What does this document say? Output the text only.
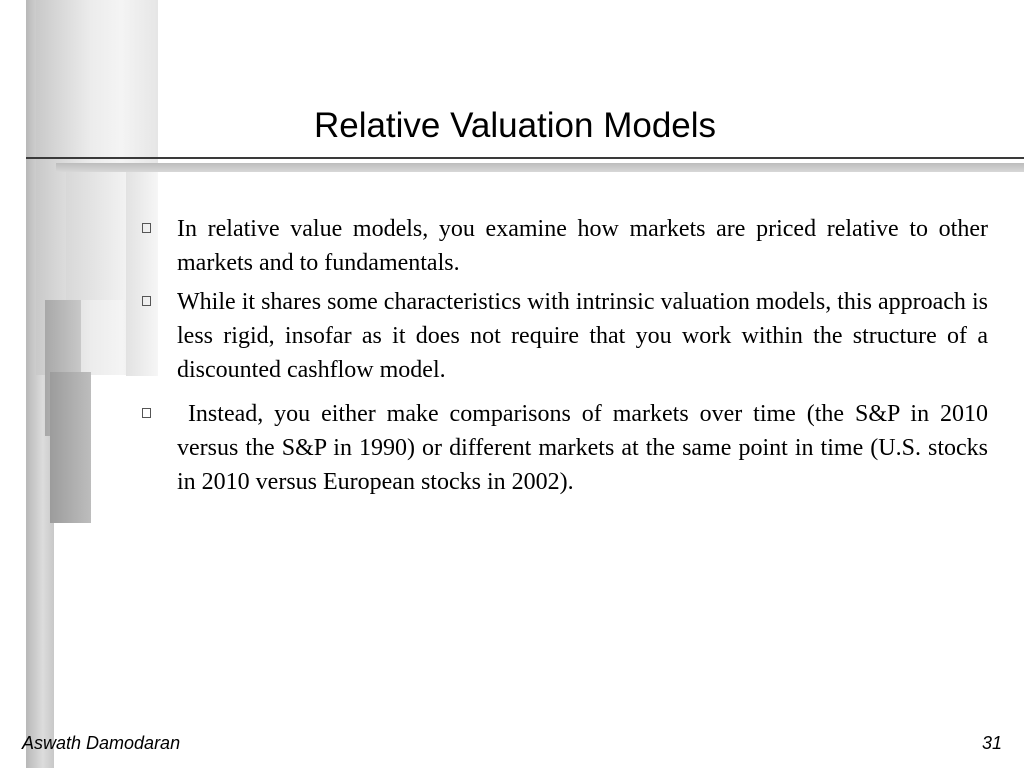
Relative Valuation Models
In relative value models, you examine how markets are priced relative to other markets and to fundamentals.
While it shares some characteristics with intrinsic valuation models, this approach is less rigid, insofar as it does not require that you work within the structure of a discounted cashflow model.
Instead, you either make comparisons of markets over time (the S&P in 2010 versus the S&P in 1990) or different markets at the same point in time (U.S. stocks in 2010 versus European stocks in 2002).
Aswath Damodaran	31
